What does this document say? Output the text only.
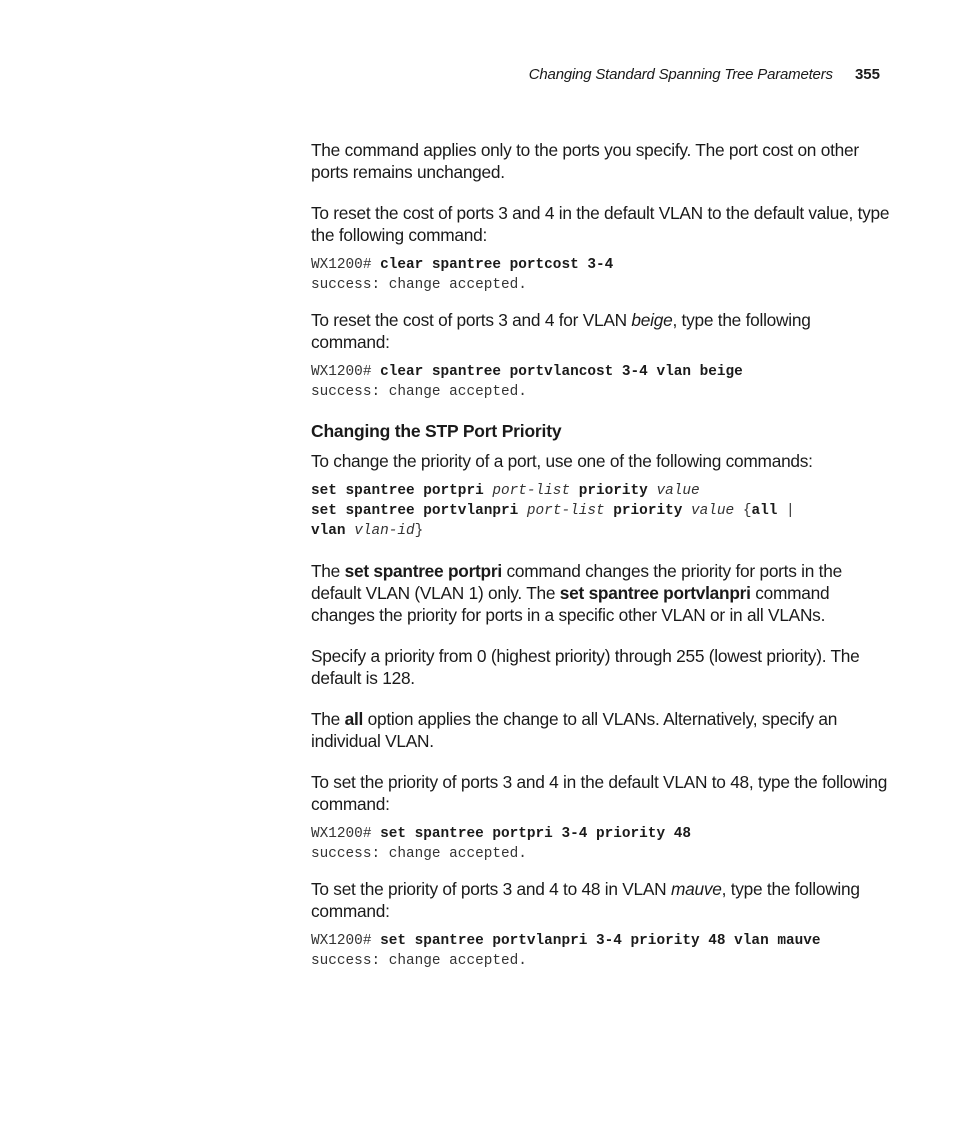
Changing Standard Spanning Tree Parameters 355

The command applies only to the ports you specify. The port cost on other ports remains unchanged.

To reset the cost of ports 3 and 4 in the default VLAN to the default value, type the following command:

WX1200# clear spantree portcost 3-4
success: change accepted.

To reset the cost of ports 3 and 4 for VLAN beige, type the following command:

WX1200# clear spantree portvlancost 3-4 vlan beige
success: change accepted.
Changing the STP Port Priority

To change the priority of a port, use one of the following commands:

set spantree portpri port-list priority value
set spantree portvlanpri port-list priority value {all |
vlan vlan-id}

The set spantree portpri command changes the priority for ports in the default VLAN (VLAN 1) only. The set spantree portvlanpri command changes the priority for ports in a specific other VLAN or in all VLANs.

Specify a priority from 0 (highest priority) through 255 (lowest priority). The default is 128.

The all option applies the change to all VLANs. Alternatively, specify an individual VLAN.

To set the priority of ports 3 and 4 in the default VLAN to 48, type the following command:

WX1200# set spantree portpri 3-4 priority 48
success: change accepted.

To set the priority of ports 3 and 4 to 48 in VLAN mauve, type the following command:

WX1200# set spantree portvlanpri 3-4 priority 48 vlan mauve
success: change accepted.
